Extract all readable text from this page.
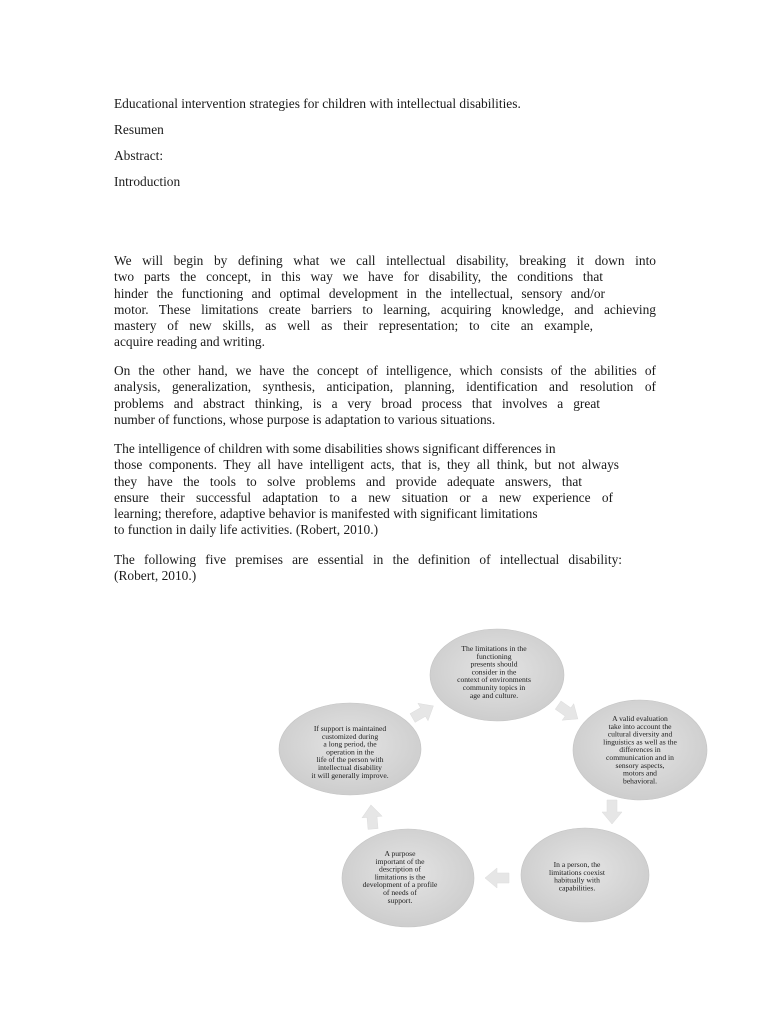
Educational intervention strategies for children with intellectual disabilities.
Resumen
Abstract:
Introduction
We will begin by defining what we call intellectual disability, breaking it down into
two parts the concept, in this way we have for disability, the conditions that
hinder the functioning and optimal development in the intellectual, sensory and/or
motor. These limitations create barriers to learning, acquiring knowledge, and achieving
mastery of new skills, as well as their representation; to cite an example,
acquire reading and writing.
On the other hand, we have the concept of intelligence, which consists of the abilities of
analysis, generalization, synthesis, anticipation, planning, identification and resolution of
problems and abstract thinking, is a very broad process that involves a great
number of functions, whose purpose is adaptation to various situations.
The intelligence of children with some disabilities shows significant differences in
those components. They all have intelligent acts, that is, they all think, but not always
they have the tools to solve problems and provide adequate answers, that
ensure their successful adaptation to a new situation or a new experience of
learning; therefore, adaptive behavior is manifested with significant limitations
to function in daily life activities. (Robert, 2010.)
The following five premises are essential in the definition of intellectual disability:
(Robert, 2010.)
The limitations in the functioning presents should consider in the context of environments community topics in age and culture.
A valid evaluation take into account the cultural diversity and linguistics as well as the differences in communication and in sensory aspects, motors and behavioral.
In a person, the limitations coexist habitually with capabilities.
A purpose important of the description of limitations is the development of a profile of needs of support.
If support is maintained customized during a long period, the operation in the life of the person with intellectual disability it will generally improve.
